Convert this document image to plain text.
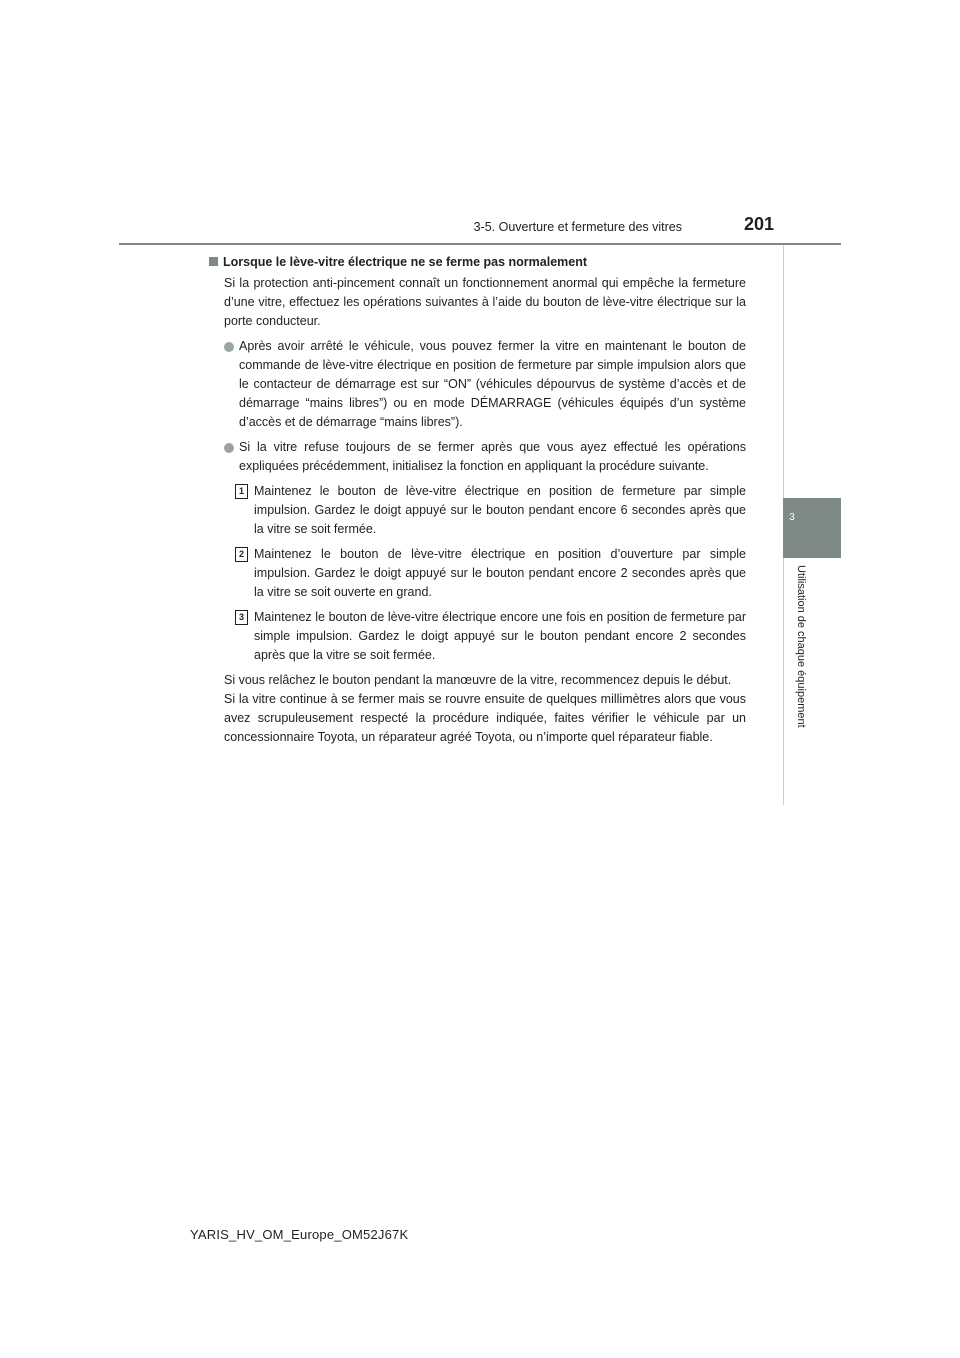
3-5. Ouverture et fermeture des vitres	201
3
Utilisation de chaque équipement
Lorsque le lève-vitre électrique ne se ferme pas normalement

Si la protection anti-pincement connaît un fonctionnement anormal qui empêche la fermeture d’une vitre, effectuez les opérations suivantes à l’aide du bouton de lève-vitre électrique sur la porte conducteur.

Après avoir arrêté le véhicule, vous pouvez fermer la vitre en maintenant le bouton de commande de lève-vitre électrique en position de fermeture par simple impulsion alors que le contacteur de démarrage est sur “ON” (véhicules dépourvus de système d’accès et de démarrage “mains libres”) ou en mode DÉMARRAGE (véhicules équipés d’un système d’accès et de démarrage “mains libres”).
Si la vitre refuse toujours de se fermer après que vous ayez effectué les opérations expliquées précédemment, initialisez la fonction en appliquant la procédure suivante.
1 Maintenez le bouton de lève-vitre électrique en position de fermeture par simple impulsion. Gardez le doigt appuyé sur le bouton pendant encore 6 secondes après que la vitre se soit fermée.
2 Maintenez le bouton de lève-vitre électrique en position d’ouverture par simple impulsion. Gardez le doigt appuyé sur le bouton pendant encore 2 secondes après que la vitre se soit ouverte en grand.
3 Maintenez le bouton de lève-vitre électrique encore une fois en position de fermeture par simple impulsion. Gardez le doigt appuyé sur le bouton pendant encore 2 secondes après que la vitre se soit fermée.

Si vous relâchez le bouton pendant la manœuvre de la vitre, recommencez depuis le début.
Si la vitre continue à se fermer mais se rouvre ensuite de quelques millimètres alors que vous avez scrupuleusement respecté la procédure indiquée, faites vérifier le véhicule par un concessionnaire Toyota, un réparateur agréé Toyota, ou n’importe quel réparateur fiable.

YARIS_HV_OM_Europe_OM52J67K
